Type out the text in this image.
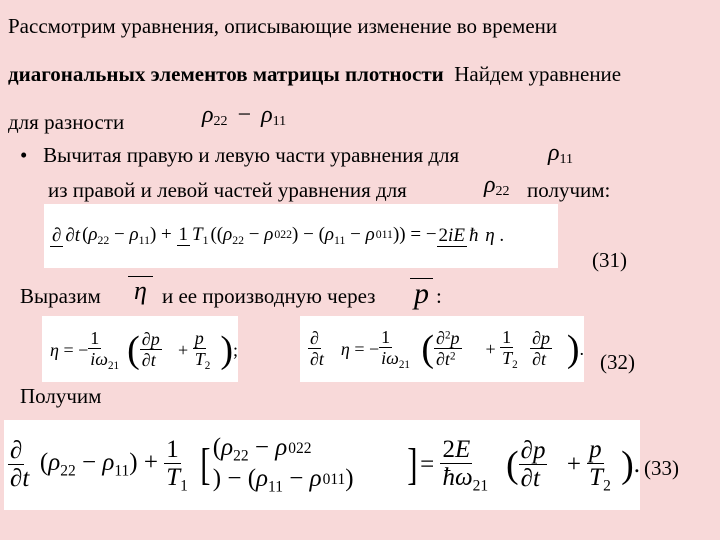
Рассмотрим уравнения, описывающие изменение во времени
диагональных элементов матрицы плотности Найдем уравнение
для разности	ρ 22 − ρ 11
• Вычитая правую и левую части уравнения для	ρ 11
из правой и левой частей уравнения для	ρ 22 получим:
∂ ∂t $(\rho_{22} - \rho_{11}) + 1$ $T_1$ $((\rho_{22} - \rho 022) - (\rho_{11} - \rho 011))$ = − 2iE ħ η .
(31)
Выразим η и ее производную через p :
η = − $\frac{1}{i\omega_{21}}$ ( ∂p∂t
+ $\frac{p}{T_2}$ ) ;
∂∂t
η = − $\frac{1}{i\omega_{21}}$ ( $\partial^2p\partial t^2$	+ $\frac{1}{T_2} \partial p\partial t$ ) .
(32)
Получим
∂∂t
$(\rho_{22} - \rho_{11}) + \frac{1}{T_1}$ [ $(\rho_{22} - \rho 022) - (\rho_{11} - \rho 011)$	] = $\frac{2E}{ħ\omega_{21}}$ ( ∂p∂t
+ $\frac{p}{T_2}$ ) . (33)
